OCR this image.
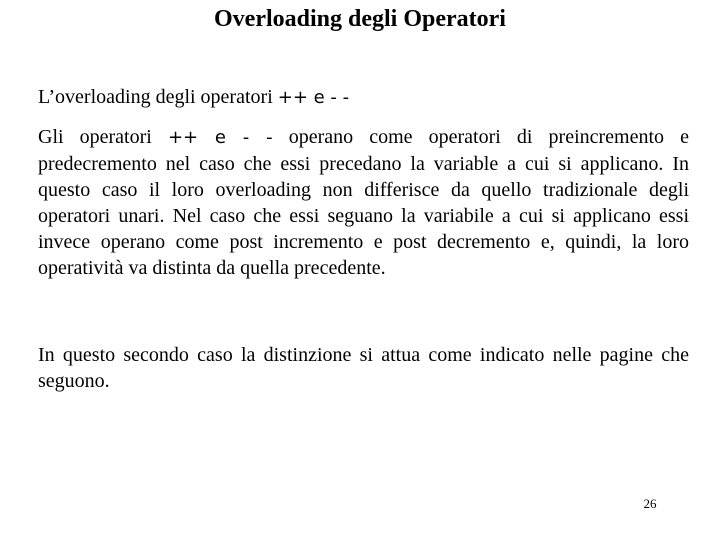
Overloading degli Operatori

L’overloading degli operatori ++ e - -

Gli operatori ++ e - - operano come operatori di preincremento e predecremento nel caso che essi precedano la variable a cui si applicano. In questo caso il loro overloading non differisce da quello tradizionale degli operatori unari. Nel caso che essi seguano la variabile a cui si applicano essi invece operano come post incremento e post decremento e, quindi, la loro operatività va distinta da quella precedente.

In questo secondo caso la distinzione si attua come indicato nelle pagine che seguono.

26
